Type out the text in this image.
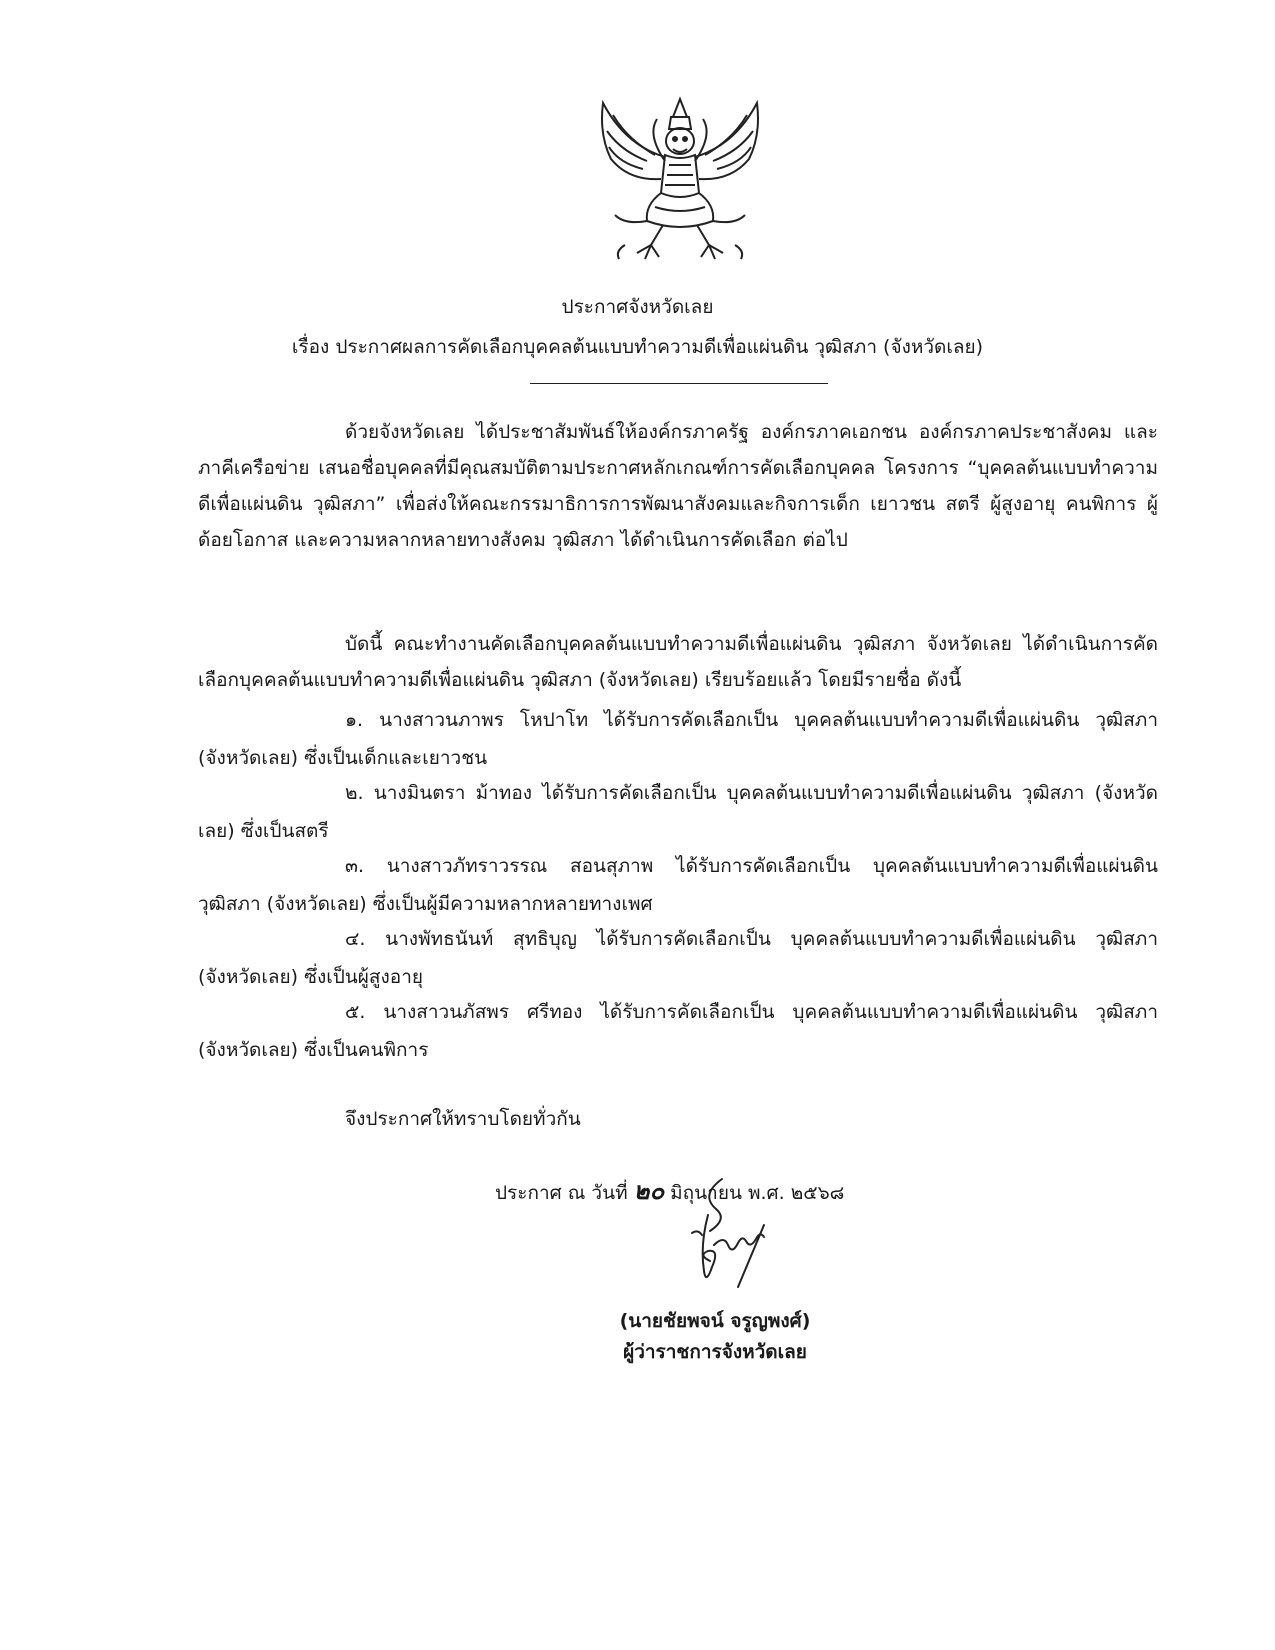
ประกาศจังหวัดเลย
เรื่อง ประกาศผลการคัดเลือกบุคคลต้นแบบทำความดีเพื่อแผ่นดิน วุฒิสภา (จังหวัดเลย)

ด้วยจังหวัดเลย ได้ประชาสัมพันธ์ให้องค์กรภาครัฐ องค์กรภาคเอกชน องค์กรภาคประชาสังคม และภาคีเครือข่าย เสนอชื่อบุคคลที่มีคุณสมบัติตามประกาศหลักเกณฑ์การคัดเลือกบุคคล โครงการ “บุคคลต้นแบบทำความดีเพื่อแผ่นดิน วุฒิสภา” เพื่อส่งให้คณะกรรมาธิการการพัฒนาสังคมและกิจการเด็ก เยาวชน สตรี ผู้สูงอายุ คนพิการ ผู้ด้อยโอกาส และความหลากหลายทางสังคม วุฒิสภา ได้ดำเนินการคัดเลือก ต่อไป

บัดนี้ คณะทำงานคัดเลือกบุคคลต้นแบบทำความดีเพื่อแผ่นดิน วุฒิสภา จังหวัดเลย ได้ดำเนินการคัดเลือกบุคคลต้นแบบทำความดีเพื่อแผ่นดิน วุฒิสภา (จังหวัดเลย) เรียบร้อยแล้ว โดยมีรายชื่อ ดังนี้

๑. นางสาวนภาพร โหปาโท ได้รับการคัดเลือกเป็น บุคคลต้นแบบทำความดีเพื่อแผ่นดิน วุฒิสภา (จังหวัดเลย) ซึ่งเป็นเด็กและเยาวชน
๒. นางมินตรา ม้าทอง ได้รับการคัดเลือกเป็น บุคคลต้นแบบทำความดีเพื่อแผ่นดิน วุฒิสภา (จังหวัดเลย) ซึ่งเป็นสตรี
๓. นางสาวภัทราวรรณ สอนสุภาพ ได้รับการคัดเลือกเป็น บุคคลต้นแบบทำความดีเพื่อแผ่นดิน วุฒิสภา (จังหวัดเลย) ซึ่งเป็นผู้มีความหลากหลายทางเพศ
๔. นางพัทธนันท์ สุทธิบุญ ได้รับการคัดเลือกเป็น บุคคลต้นแบบทำความดีเพื่อแผ่นดิน วุฒิสภา (จังหวัดเลย) ซึ่งเป็นผู้สูงอายุ
๕. นางสาวนภัสพร ศรีทอง ได้รับการคัดเลือกเป็น บุคคลต้นแบบทำความดีเพื่อแผ่นดิน วุฒิสภา (จังหวัดเลย) ซึ่งเป็นคนพิการ
จึงประกาศให้ทราบโดยทั่วกัน
ประกาศ ณ วันที่ ๒๐ มิถุนายน พ.ศ. ๒๕๖๘
(นายชัยพจน์ จรูญพงศ์)
ผู้ว่าราชการจังหวัดเลย
